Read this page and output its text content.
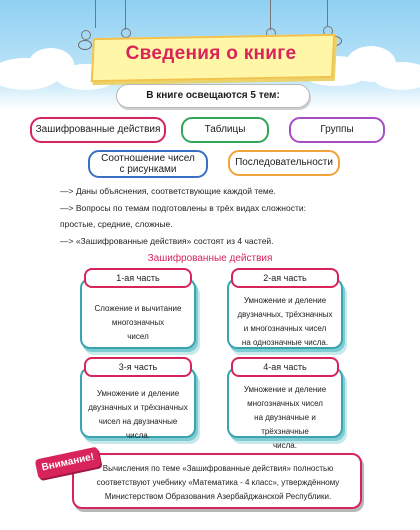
Сведения о книге
В книге освещаются 5 тем:
Зашифрованные действия	Таблицы	Группы
Соотношение чисел
с рисунками
Последовательности
—> Даны объяснения, соответствующие каждой теме.
—> Вопросы по темам подготовлены в трёх видах сложности:
простые, средние, сложные.
—> «Зашифрованные действия» состоят из 4 частей.
Зашифрованные действия
Сложение и вычитание
многозначных
чисел
1-ая часть
Умножение и деление
двузначных, трёхзначных
и многозначных чисел
на однозначные числа.
2-ая часть
Умножение и деление
двузначных и трёхзначных
чисел на двузначные числа.
3-я часть
Умножение и деление
многозначных чисел
на двузначные и трёхзначные
числа.
4-ая часть
Вычисления по теме «Зашифрованные действия» полностью
соответствуют учебнику «Математика - 4 класс», утверждённому
Министерством Образования Азербайджанской Республики.
Внимание!
